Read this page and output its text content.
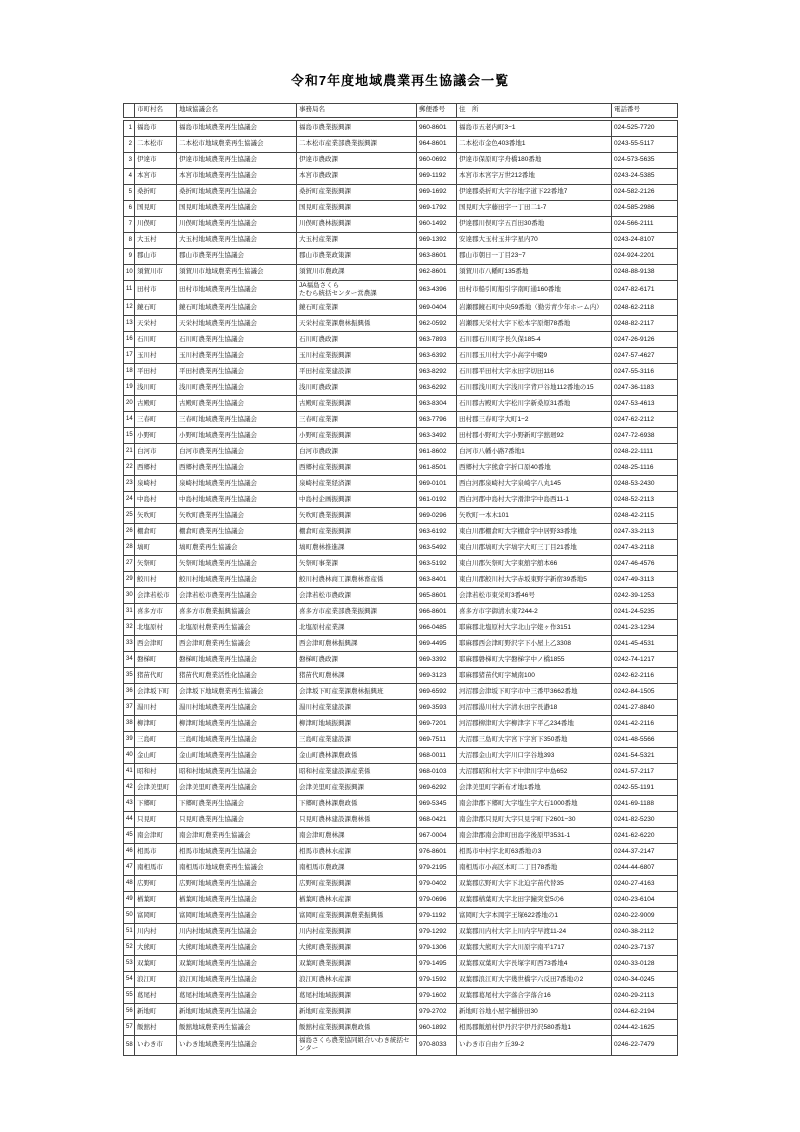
令和7年度地域農業再生協議会一覧
	市町村名	地域協議会名	事務局名	郵便番号	住　所	電話番号
1	福島市	福島市地域農業再生協議会	福島市農業振興課	960-8601	福島市五老内町3−1	024-525-7720
2	二本松市	二本松市地域農業再生協議会	二本松市産業部農業振興課	964-8601	二本松市金色403番地1	0243-55-5117
3	伊達市	伊達市地域農業再生協議会	伊達市農政課	960-0692	伊達市保原町字舟橋180番地	024-573-5635
4	本宮市	本宮市地域農業再生協議会	本宮市農政課	969-1192	本宮市本宮字万世212番地	0243-24-5385
5	桑折町	桑折町地域農業再生協議会	桑折町産業振興課	969-1692	伊達郡桑折町大字谷地字道下22番地7	024-582-2126
6	国見町	国見町地域農業再生協議会	国見町産業振興課	969-1792	国見町大字藤田字一丁田二1-7	024-585-2986
7	川俣町	川俣町地域農業再生協議会	川俣町農林振興課	960-1492	伊達郡川俣町字五百田30番地	024-566-2111
8	大玉村	大玉村地域農業再生協議会	大玉村産業課	969-1392	安達郡大玉村玉井字星内70	0243-24-8107
9	郡山市	郡山市農業再生協議会	郡山市農業政策課	963-8601	郡山市朝日一丁目23−7	024-924-2201
10	須賀川市	須賀川市地域農業再生協議会	須賀川市農政課	962-8601	須賀川市八幡町135番地	0248-88-9138
11	田村市	田村市地域農業再生協議会	JA福島さくら
たむら統括センター営農課	963-4396	田村市船引町船引字南町通160番地	0247-82-6171
12	鏡石町	鏡石町地域農業再生協議会	鏡石町産業課	969-0404	岩瀬郡鏡石町中央59番地（勤労青少年ホーム内）	0248-62-2118
13	天栄村	天栄村地域農業再生協議会	天栄村産業課農林振興係	962-0592	岩瀬郡天栄村大字下松本字原畑78番地	0248-82-2117
16	石川町	石川町農業再生協議会	石川町農政課	963-7893	石川郡石川町字長久保185-4	0247-26-9126
17	玉川村	玉川村農業再生協議会	玉川村産業振興課	963-6392	石川郡玉川村大字小高字中畷9	0247-57-4627
18	平田村	平田村農業再生協議会	平田村産業建設課	963-8292	石川郡平田村大字永田字切田116	0247-55-3116
19	浅川町	浅川町農業再生協議会	浅川町農政課	963-6292	石川郡浅川町大字浅川字背戸谷地112番地の15	0247-36-1183
20	古殿町	古殿町農業再生協議会	古殿町産業振興課	963-8304	石川郡古殿町大字松川字新桑原31番地	0247-53-4613
14	三春町	三春町地域農業再生協議会	三春町産業課	963-7796	田村郡三春町字大町1−2	0247-62-2112
15	小野町	小野町地域農業再生協議会	小野町産業振興課	963-3492	田村郡小野町大字小野新町字舘廻92	0247-72-6938
21	白河市	白河市農業再生協議会	白河市農政課	961-8602	白河市八幡小路7番地1	0248-22-1111
22	西郷村	西郷村農業再生協議会	西郷村産業振興課	961-8501	西郷村大字熊倉字折口原40番地	0248-25-1116
23	泉崎村	泉崎村地域農業再生協議会	泉崎村産業経済課	969-0101	西白河郡泉崎村大字泉崎字八丸145	0248-53-2430
24	中島村	中島村地域農業再生協議会	中島村企画振興課	961-0192	西白河郡中島村大字滑津字中島西11-1	0248-52-2113
25	矢吹町	矢吹町農業再生協議会	矢吹町農業振興課	969-0296	矢吹町一本木101	0248-42-2115
26	棚倉町	棚倉町農業再生協議会	棚倉町産業振興課	963-6192	東白川郡棚倉町大字棚倉字中居野33番地	0247-33-2113
28	塙町	塙町農業再生協議会	塙町農林推進課	963-5492	東白川郡塙町大字塙字大町三丁目21番地	0247-43-2118
27	矢祭町	矢祭町地域農業再生協議会	矢祭町事業課	963-5192	東白川郡矢祭町大字東舘字舘本66	0247-46-4576
29	鮫川村	鮫川村地域農業再生協議会	鮫川村農林商工課農林畜産係	963-8401	東白川郡鮫川村大字赤坂東野字新宿39番地5	0247-49-3113
30	会津若松市	会津若松市農業再生協議会	会津若松市農政課	965-8601	会津若松市東栄町3番46号	0242-39-1253
31	喜多方市	喜多方市農業振興協議会	喜多方市産業部農業振興課	966-8601	喜多方市字御清水東7244-2	0241-24-5235
32	北塩原村	北塩原村農業再生協議会	北塩原村産業課	966-0485	耶麻郡北塩原村大字北山字姥ヶ作3151	0241-23-1234
33	西会津町	西会津町農業再生協議会	西会津町農林振興課	969-4495	耶麻郡西会津町野沢字下小屋上乙3308	0241-45-4531
34	磐梯町	磐梯町地域農業再生協議会	磐梯町農政課	969-3392	耶麻郡磐梯町大字磐梯字中ノ橋1855	0242-74-1217
35	猪苗代町	猪苗代町農業活性化協議会	猪苗代町農林課	969-3123	耶麻郡猪苗代町字城南100	0242-62-2116
36	会津坂下町	会津坂下地域農業再生協議会	会津坂下町産業課農林振興班	969-6592	河沼郡会津坂下町字市中三番甲3662番地	0242-84-1505
37	湯川村	湯川村地域農業再生協議会	湯川村産業建設課	969-3593	河沼郡湯川村大字清水田字長瀞18	0241-27-8840
38	柳津町	柳津町地域農業再生協議会	柳津町地域振興課	969-7201	河沼郡柳津町大字柳津字下平乙234番地	0241-42-2116
39	三島町	三島町地域農業再生協議会	三島町産業建設課	969-7511	大沼郡三島町大字宮下字宮下350番地	0241-48-5566
40	金山町	金山町地域農業再生協議会	金山町農林課農政係	968-0011	大沼郡金山町大字川口字谷地393	0241-54-5321
41	昭和村	昭和村地域農業再生協議会	昭和村産業建設課産業係	968-0103	大沼郡昭和村大字下中津川字中島652	0241-57-2117
42	会津美里町	会津美里町農業再生協議会	会津美里町産業振興課	969-6292	会津美里町字新布才地1番地	0242-55-1191
43	下郷町	下郷町農業再生協議会	下郷町農林課農政係	969-5345	南会津郡下郷町大字塩生字大石1000番地	0241-69-1188
44	只見町	只見町農業再生協議会	只見町農林建設課農林係	968-0421	南会津郡只見町大字只見字町下2601−30	0241-82-5230
45	南会津町	南会津町農業再生協議会	南会津町農林課	967-0004	南会津郡南会津町田島字後原甲3531-1	0241-62-6220
46	相馬市	相馬市地域農業再生協議会	相馬市農林水産課	976-8601	相馬市中村字北町63番地の3	0244-37-2147
47	南相馬市	南相馬市地域農業再生協議会	南相馬市農政課	979-2195	南相馬市小高区本町二丁目78番地	0244-44-6807
48	広野町	広野町地域農業再生協議会	広野町産業振興課	979-0402	双葉郡広野町大字下北迫字苗代替35	0240-27-4163
49	楢葉町	楢葉町地域農業再生協議会	楢葉町農林水産課	979-0696	双葉郡楢葉町大字北田字鐘突堂5の6	0240-23-6104
50	富岡町	富岡町地域農業再生協議会	富岡町産業振興課農業振興係	979-1192	富岡町大字本岡字王塚622番地の1	0240-22-9009
51	川内村	川内村地域農業再生協議会	川内村産業振興課	979-1292	双葉郡川内村大字上川内字早渡11-24	0240-38-2112
52	大熊町	大熊町地域農業再生協議会	大熊町農業振興課	979-1306	双葉郡大熊町大字大川原字南平1717	0240-23-7137
53	双葉町	双葉町地域農業再生協議会	双葉町農業振興課	979-1495	双葉郡双葉町大字長塚字町西73番地4	0240-33-0128
54	浪江町	浪江町地域農業再生協議会	浪江町農林水産課	979-1592	双葉郡浪江町大字幾世橋字六反田7番地の2	0240-34-0245
55	葛尾村	葛尾村地域農業再生協議会	葛尾村地域振興課	979-1602	双葉郡葛尾村大字落合字落合16	0240-29-2113
56	新地町	新地町地域農業再生協議会	新地町産業振興課	979-2702	新地町谷地小屋字樋掛田30	0244-62-2194
57	飯舘村	飯舘地域農業再生協議会	飯舘村産業振興課農政係	960-1892	相馬郡飯舘村伊丹沢字伊丹沢580番地1	0244-42-1625
58	いわき市	いわき地域農業再生協議会	福島さくら農業協同組合いわき統括センター	970-8033	いわき市自由ケ丘39-2	0246-22-7479
